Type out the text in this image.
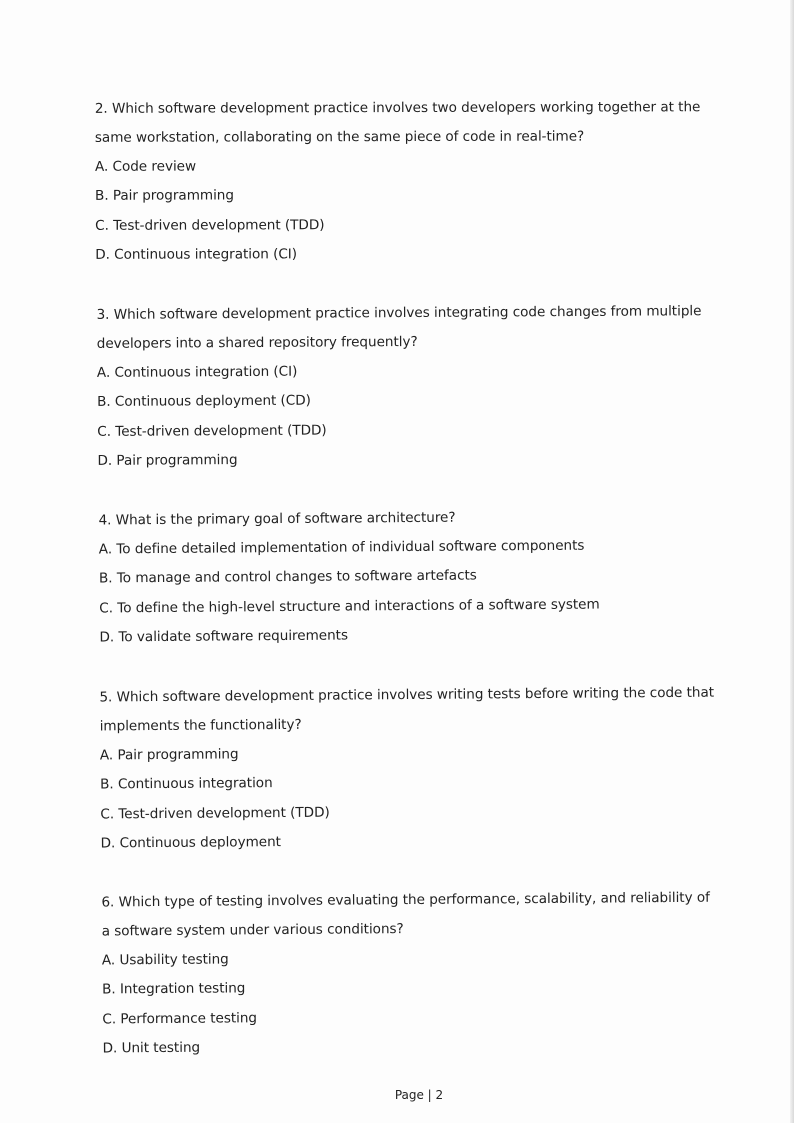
2. Which software development practice involves two developers working together at the same workstation, collaborating on the same piece of code in real-time?
A. Code review
B. Pair programming
C. Test-driven development (TDD)
D. Continuous integration (CI)
3. Which software development practice involves integrating code changes from multiple developers into a shared repository frequently?
A. Continuous integration (CI)
B. Continuous deployment (CD)
C. Test-driven development (TDD)
D. Pair programming
4. What is the primary goal of software architecture?
A. To define detailed implementation of individual software components
B. To manage and control changes to software artefacts
C. To define the high-level structure and interactions of a software system
D. To validate software requirements
5. Which software development practice involves writing tests before writing the code that implements the functionality?
A. Pair programming
B. Continuous integration
C. Test-driven development (TDD)
D. Continuous deployment
6. Which type of testing involves evaluating the performance, scalability, and reliability of a software system under various conditions?
A. Usability testing
B. Integration testing
C. Performance testing
D. Unit testing
Page | 2
